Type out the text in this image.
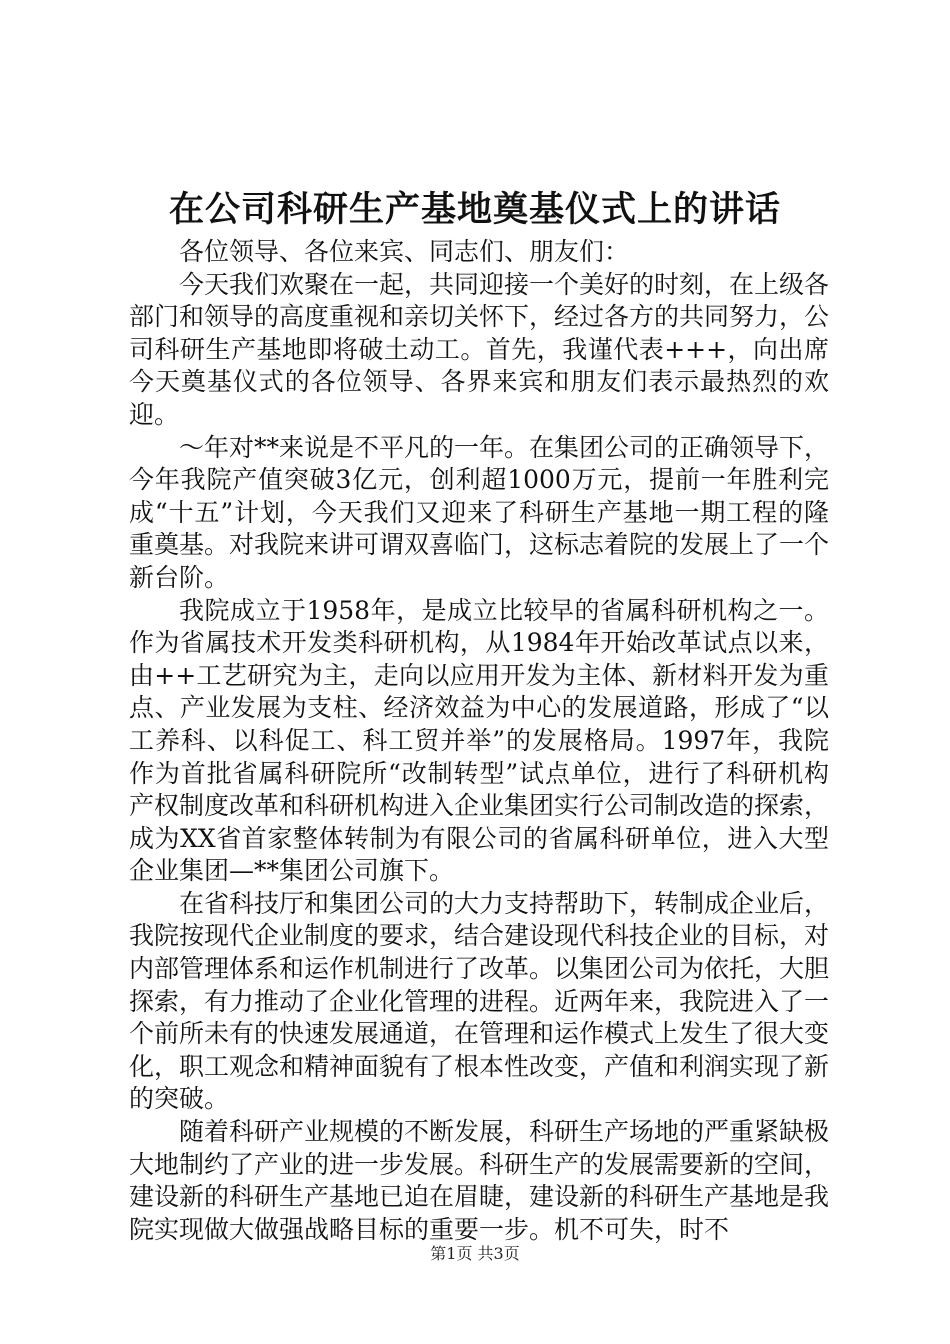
在公司科研生产基地奠基仪式上的讲话

各位领导、各位来宾、同志们、朋友们：

今天我们欢聚在一起，共同迎接一个美好的时刻，在上级各部门和领导的高度重视和亲切关怀下，经过各方的共同努力，公司科研生产基地即将破土动工。首先，我谨代表+++，向出席今天奠基仪式的各位领导、各界来宾和朋友们表示最热烈的欢迎。

～年对**来说是不平凡的一年。在集团公司的正确领导下，今年我院产值突破3亿元，创利超1000万元，提前一年胜利完成“十五”计划，今天我们又迎来了科研生产基地一期工程的隆重奠基。对我院来讲可谓双喜临门，这标志着院的发展上了一个新台阶。

我院成立于1958年，是成立比较早的省属科研机构之一。作为省属技术开发类科研机构，从1984年开始改革试点以来，由++工艺研究为主，走向以应用开发为主体、新材料开发为重点、产业发展为支柱、经济效益为中心的发展道路，形成了“以工养科、以科促工、科工贸并举”的发展格局。1997年，我院作为首批省属科研院所“改制转型”试点单位，进行了科研机构产权制度改革和科研机构进入企业集团实行公司制改造的探索，成为XX省首家整体转制为有限公司的省属科研单位，进入大型企业集团—**集团公司旗下。

在省科技厅和集团公司的大力支持帮助下，转制成企业后，我院按现代企业制度的要求，结合建设现代科技企业的目标，对内部管理体系和运作机制进行了改革。以集团公司为依托，大胆探索，有力推动了企业化管理的进程。近两年来，我院进入了一个前所未有的快速发展通道，在管理和运作模式上发生了很大变化，职工观念和精神面貌有了根本性改变，产值和利润实现了新的突破。

随着科研产业规模的不断发展，科研生产场地的严重紧缺极大地制约了产业的进一步发展。科研生产的发展需要新的空间，建设新的科研生产基地已迫在眉睫，建设新的科研生产基地是我院实现做大做强战略目标的重要一步。机不可失，时不

第1页 共3页
